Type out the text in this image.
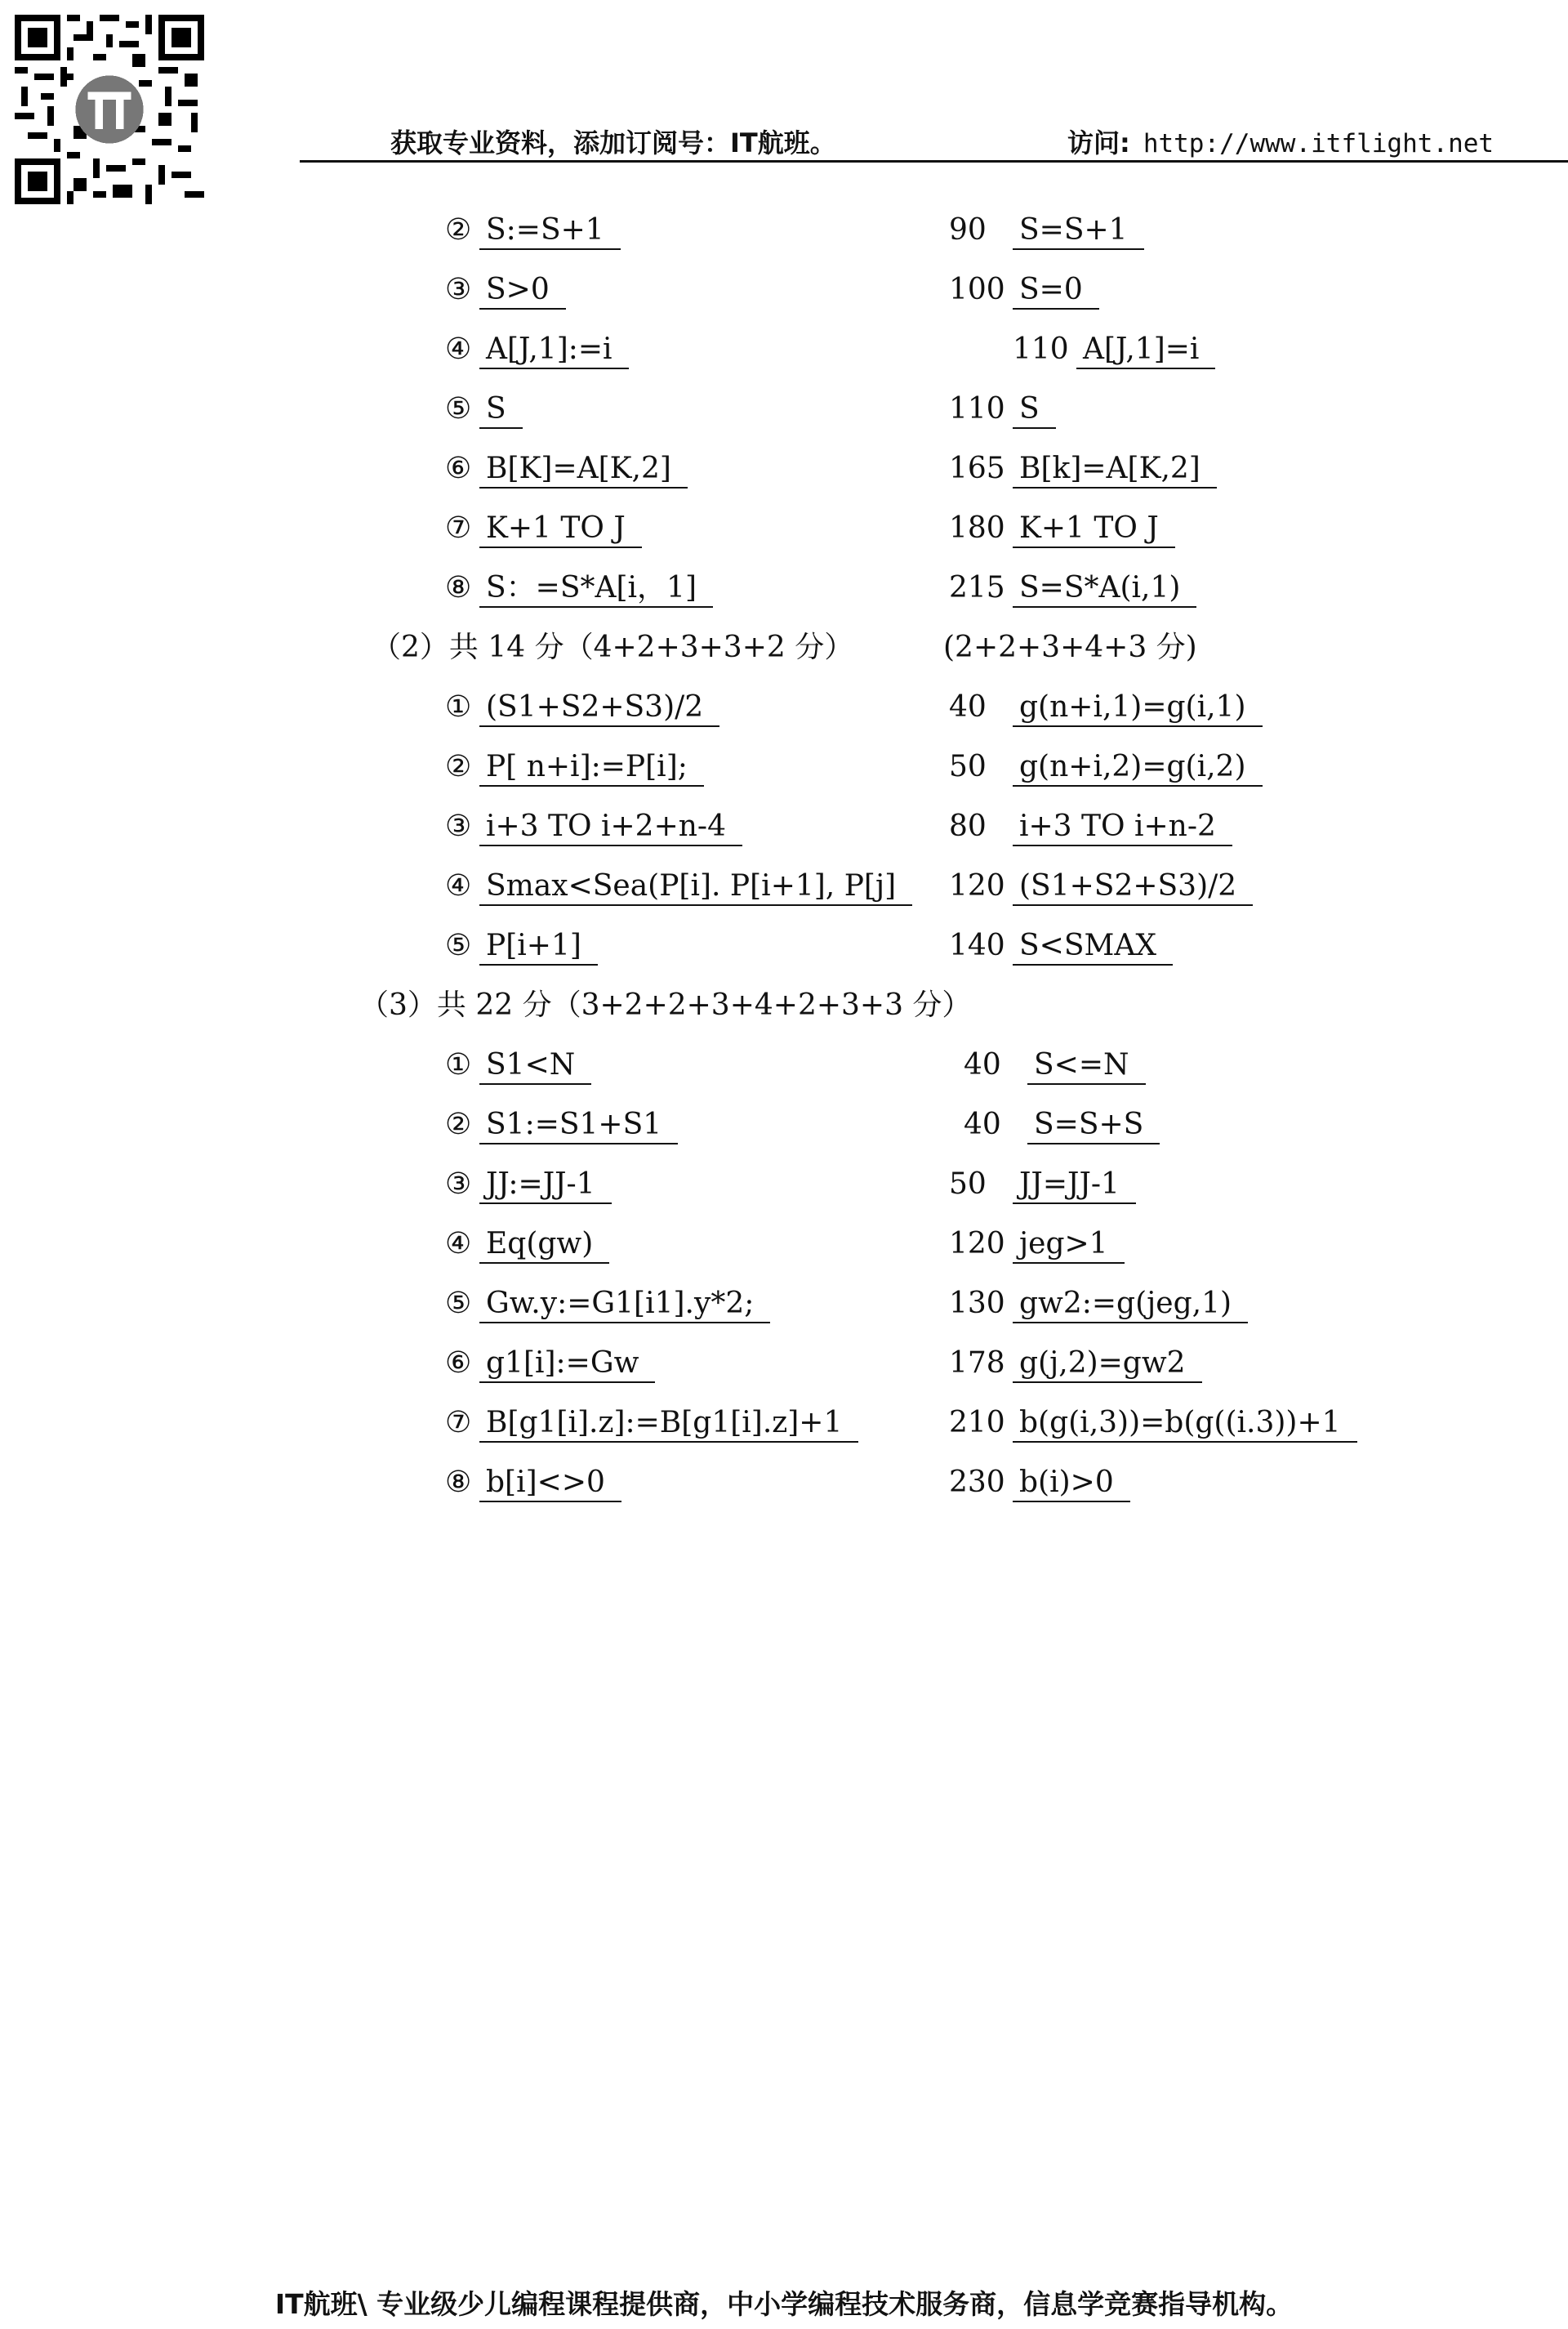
获取专业资料，添加订阅号：IT航班。	访问: http://www.itflight.net
② S:=S+1	90 S=S+1
③ S>0	100 S=0
④ A[J,1]:=i	110 A[J,1]=i
⑤ S	110 S
⑥ B[K]=A[K,2]	165 B[k]=A[K,2]
⑦ K+1 TO J	180 K+1 TO J
⑧ S：=S*A[i，1]	215 S=S*A(i,1)
（2）共 14 分（4+2+3+3+2 分）	(2+2+3+4+3 分)
① (S1+S2+S3)/2	40 g(n+i,1)=g(i,1)
② P[ n+i]:=P[i];	50 g(n+i,2)=g(i,2)
③ i+3 TO i+2+n-4	80 i+3 TO i+n-2
④ Smax<Sea(P[i]. P[i+1], P[j]	120 (S1+S2+S3)/2
⑤ P[i+1]	140 S<SMAX
（3）共 22 分（3+2+2+3+4+2+3+3 分）
① S1<N	40 S<=N
② S1:=S1+S1	40 S=S+S
③ JJ:=JJ-1	50 JJ=JJ-1
④ Eq(gw)	120 jeg>1
⑤ Gw.y:=G1[i1].y*2;	130 gw2:=g(jeg,1)
⑥ g1[i]:=Gw	178 g(j,2)=gw2
⑦ B[g1[i].z]:=B[g1[i].z]+1	210 b(g(i,3))=b(g((i.3))+1
⑧ b[i]<>0	230 b(i)>0
IT航班\ 专业级少儿编程课程提供商，中小学编程技术服务商，信息学竞赛指导机构。
